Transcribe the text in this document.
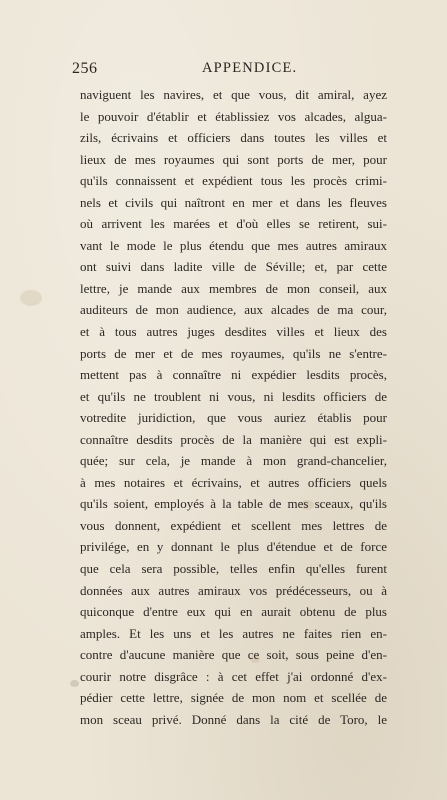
256	APPENDICE.
naviguent les navires, et que vous, dit amiral, ayez
le pouvoir d'établir et établissiez vos alcades, algua-
zils, écrivains et officiers dans toutes les villes et
lieux de mes royaumes qui sont ports de mer, pour
qu'ils connaissent et expédient tous les procès crimi-
nels et civils qui naîtront en mer et dans les fleuves
où arrivent les marées et d'où elles se retirent, sui-
vant le mode le plus étendu que mes autres amiraux
ont suivi dans ladite ville de Séville; et, par cette
lettre, je mande aux membres de mon conseil, aux
auditeurs de mon audience, aux alcades de ma cour,
et à tous autres juges desdites villes et lieux des
ports de mer et de mes royaumes, qu'ils ne s'entre-
mettent pas à connaître ni expédier lesdits procès,
et qu'ils ne troublent ni vous, ni lesdits officiers de
votredite juridiction, que vous auriez établis pour
connaître desdits procès de la manière qui est expli-
quée; sur cela, je mande à mon grand-chancelier,
à mes notaires et écrivains, et autres officiers quels
qu'ils soient, employés à la table de mes sceaux, qu'ils
vous donnent, expédient et scellent mes lettres de
privilége, en y donnant le plus d'étendue et de force
que cela sera possible, telles enfin qu'elles furent
données aux autres amiraux vos prédécesseurs, ou à
quiconque d'entre eux qui en aurait obtenu de plus
amples. Et les uns et les autres ne faites rien en-
contre d'aucune manière que ce soit, sous peine d'en-
courir notre disgrâce : à cet effet j'ai ordonné d'ex-
pédier cette lettre, signée de mon nom et scellée de
mon sceau privé. Donné dans la cité de Toro, le
